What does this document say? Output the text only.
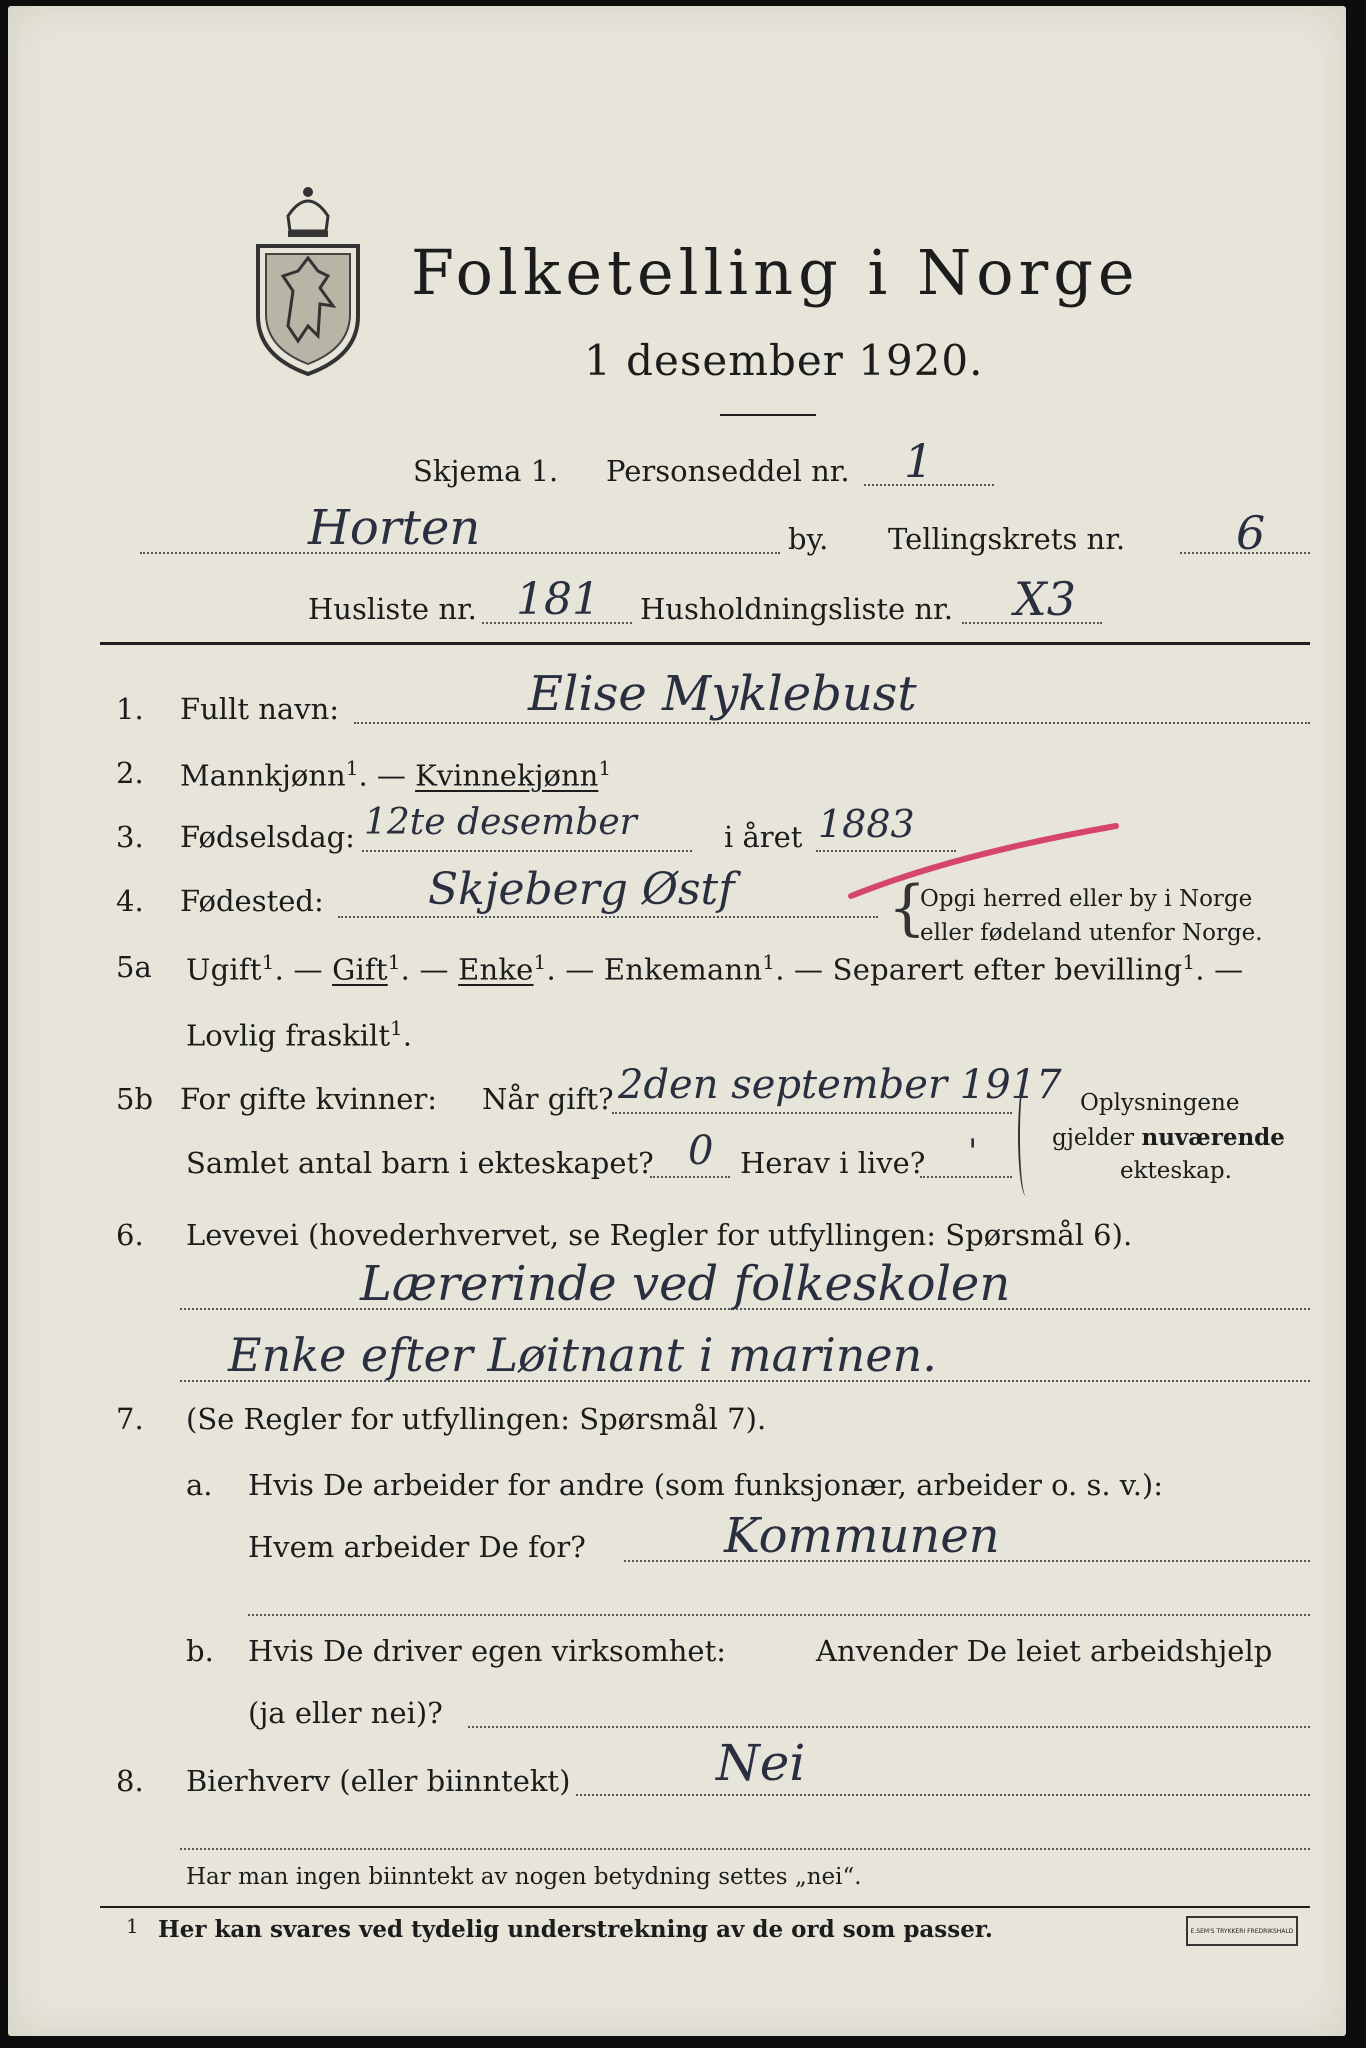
Folketelling i Norge
1 desember 1920.
Skjema 1. Personseddel nr. 1
Horten	by. Tellingskrets nr. 6
Husliste nr. 181 Husholdningsliste nr. X3
1. Fullt navn:	Elise Myklebust
2. Mannkjønn$^1$. — Kvinnekjønn$^1$
3. Fødselsdag: 12te desember	i året 1883
4. Fødested: Skjeberg Østf	{
Opgi herred eller by i Norge
eller fødeland utenfor Norge.
5a Ugift$^1$. — Gift$^1$. — Enke$^1$. — Enkemann$^1$. — Separert efter bevilling$^1$. —
Lovlig fraskilt$^1$.
5b For gifte kvinner: Når gift? 2den september 1917
Samlet antal barn i ekteskapet? 0 Herav i live? '
Oplysningene
gjelder nuværende
ekteskap.
6. Levevei (hovederhvervet, se Regler for utfyllingen: Spørsmål 6).
Lærerinde ved folkeskolen
Enke efter Løitnant i marinen.
7. (Se Regler for utfyllingen: Spørsmål 7).
a. Hvis De arbeider for andre (som funksjonær, arbeider o. s. v.):
Hvem arbeider De for?	Kommunen
b. Hvis De driver egen virksomhet:	Anvender De leiet arbeidshjelp
(ja eller nei)?
8. Bierhverv (eller biinntekt)	Nei
Har man ingen biinntekt av nogen betydning settes „nei“.
1 Her kan svares ved tydelig understrekning av de ord som passer.	E.SEM'S TRYKKERI FREDRIKSHALD
